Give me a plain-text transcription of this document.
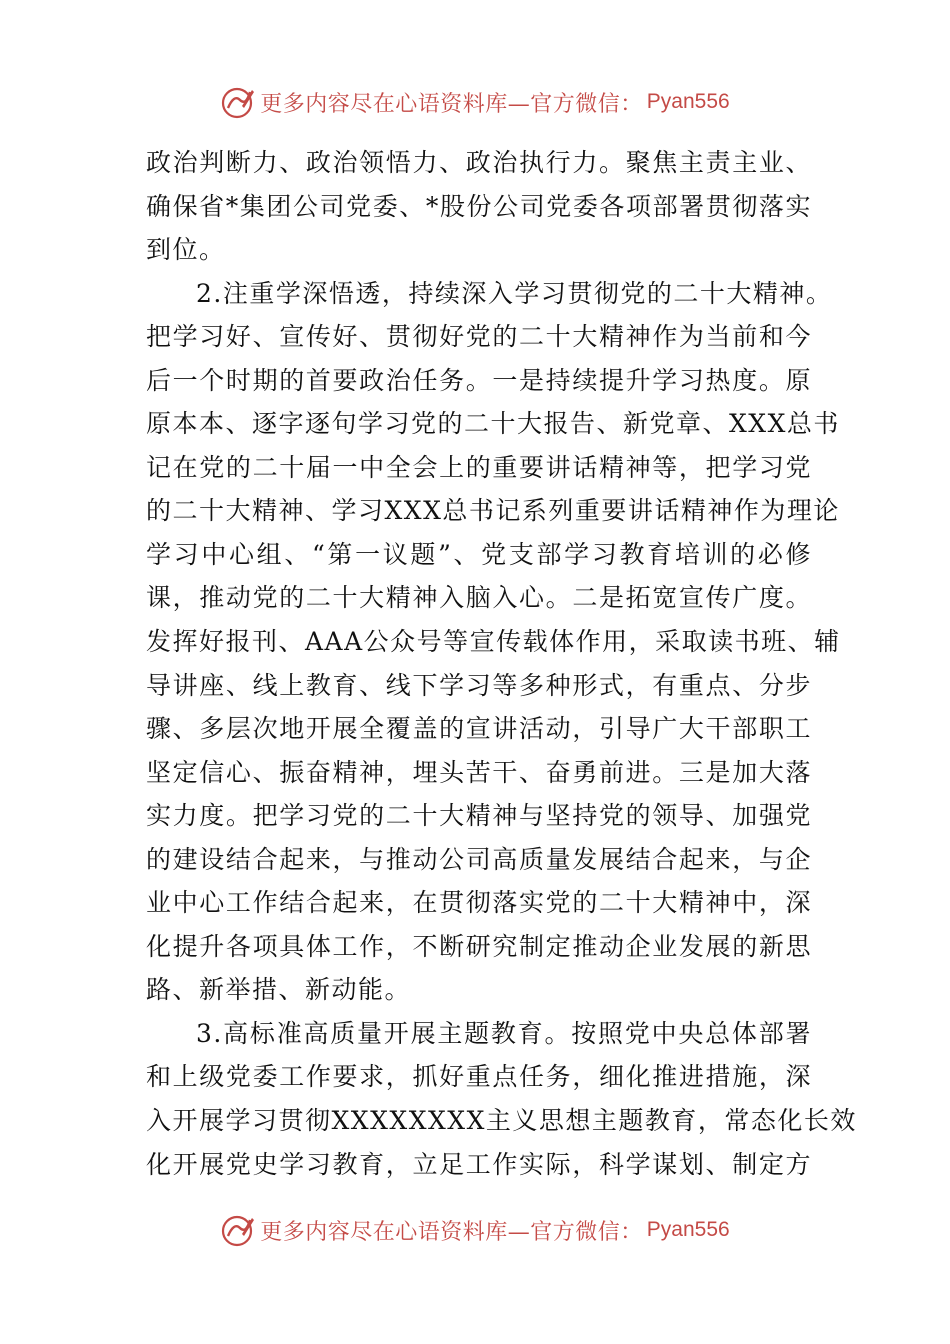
更多内容尽在心语资料库—官方微信： Pyan556
政治判断力、政治领悟力、政治执行力。聚焦主责主业、
确保省*集团公司党委、*股份公司党委各项部署贯彻落实
到位。
2.注重学深悟透，持续深入学习贯彻党的二十大精神。
把学习好、宣传好、贯彻好党的二十大精神作为当前和今
后一个时期的首要政治任务。一是持续提升学习热度。原
原本本、逐字逐句学习党的二十大报告、新党章、XXX总书
记在党的二十届一中全会上的重要讲话精神等，把学习党
的二十大精神、学习XXX总书记系列重要讲话精神作为理论
学习中心组、“第一议题”、党支部学习教育培训的必修
课，推动党的二十大精神入脑入心。二是拓宽宣传广度。
发挥好报刊、AAA公众号等宣传载体作用，采取读书班、辅
导讲座、线上教育、线下学习等多种形式，有重点、分步
骤、多层次地开展全覆盖的宣讲活动，引导广大干部职工
坚定信心、振奋精神，埋头苦干、奋勇前进。三是加大落
实力度。把学习党的二十大精神与坚持党的领导、加强党
的建设结合起来，与推动公司高质量发展结合起来，与企
业中心工作结合起来，在贯彻落实党的二十大精神中，深
化提升各项具体工作，不断研究制定推动企业发展的新思
路、新举措、新动能。
3.高标准高质量开展主题教育。按照党中央总体部署
和上级党委工作要求，抓好重点任务，细化推进措施，深
入开展学习贯彻XXXXXXXX主义思想主题教育，常态化长效
化开展党史学习教育，立足工作实际，科学谋划、制定方
更多内容尽在心语资料库—官方微信： Pyan556
